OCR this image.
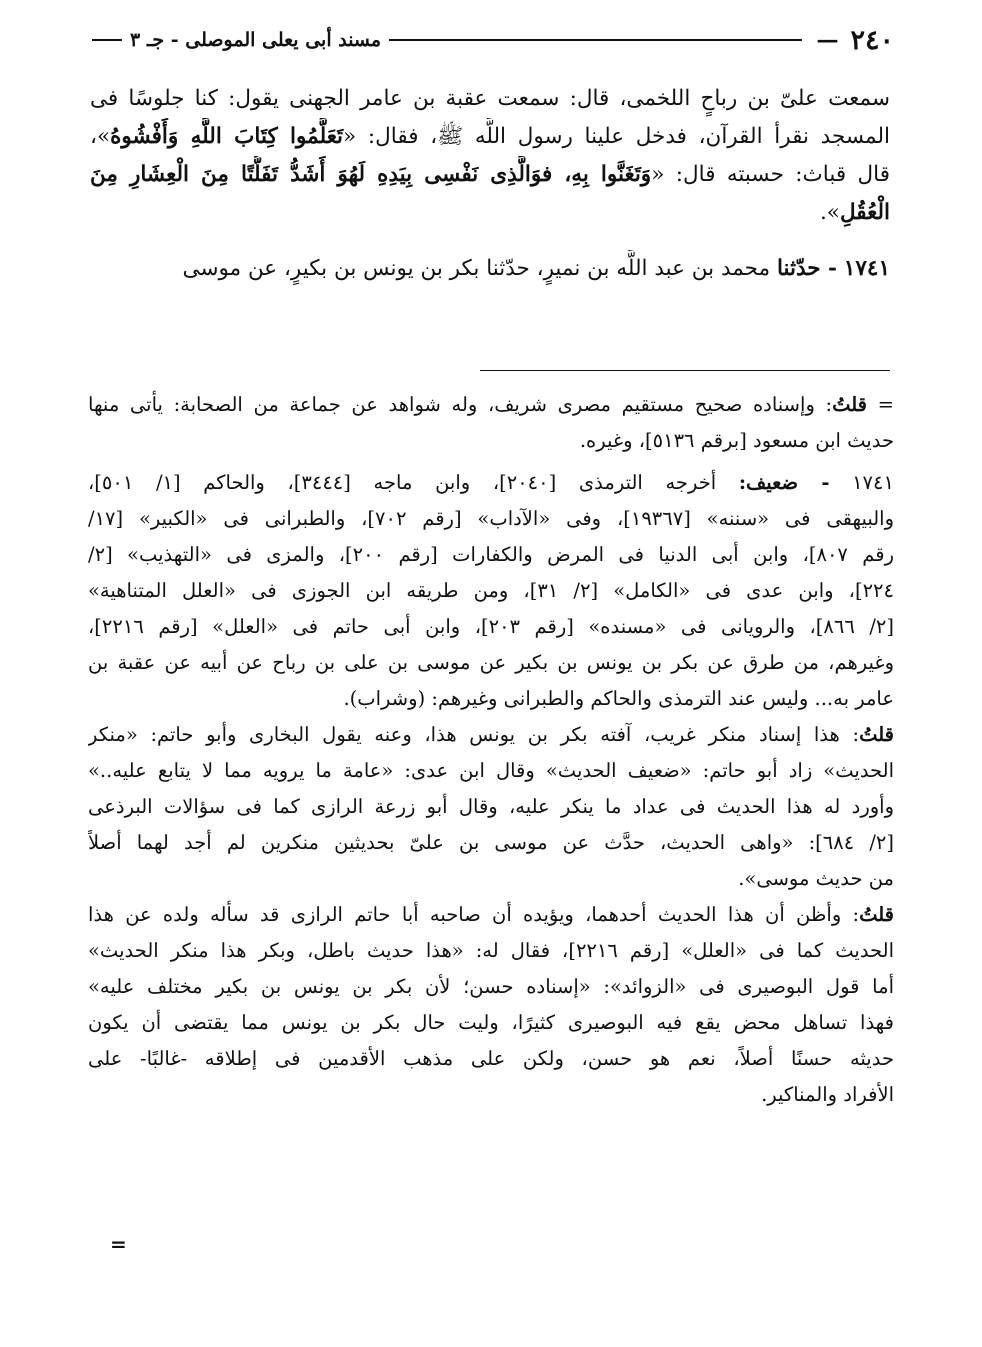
٢٤٠
—
مسند أبى يعلى الموصلى - جـ ٣
سمعت علىّ بن رباحٍ اللخمى، قال: سمعت عقبة بن عامر الجهنى يقول: كنا جلوسًا فى
المسجد نقرأ القرآن، فدخل علينا رسول اللَّه ﷺ، فقال: «تَعَلَّمُوا كِتَابَ اللَّهِ وَأَفْشُوهُ»،
قال قباث: حسبته قال: «وَتَغَنَّوا بِهِ، فوَالَّذِى نَفْسِى بِيَدِهِ لَهُوَ أَشَدُّ تَفَلُّتًا مِنَ الْعِشَارِ مِنَ
الْعُقُلِ».
١٧٤١ - حدّثنا محمد بن عبد اللَّه بن نميرٍ، حدّثنا بكر بن يونس بن بكيرٍ، عن موسى
= قلتُ: وإسناده صحيح مستقيم مصرى شريف، وله شواهد عن جماعة من الصحابة: يأتى منها
حديث ابن مسعود [برقم ٥١٣٦]، وغيره.
١٧٤١ - ضعيف: أخرجه الترمذى [٢٠٤٠]، وابن ماجه [٣٤٤٤]، والحاكم [١/ ٥٠١]،
والبيهقى فى «سننه» [١٩٣٦٧]، وفى «الآداب» [رقم ٧٠٢]، والطبرانى فى «الكبير» [١٧/
رقم ٨٠٧]، وابن أبى الدنيا فى المرض والكفارات [رقم ٢٠٠]، والمزى فى «التهذيب» [٢/
٢٢٤]، وابن عدى فى «الكامل» [٢/ ٣١]، ومن طريقه ابن الجوزى فى «العلل المتناهية»
[٢/ ٨٦٦]، والرويانى فى «مسنده» [رقم ٢٠٣]، وابن أبى حاتم فى «العلل» [رقم ٢٢١٦]،
وغيرهم، من طرق عن بكر بن يونس بن بكير عن موسى بن على بن رباح عن أبيه عن عقبة بن
عامر به... وليس عند الترمذى والحاكم والطبرانى وغيرهم: (وشراب).
قلتُ: هذا إسناد منكر غريب، آفته بكر بن يونس هذا، وعنه يقول البخارى وأبو حاتم: «منكر
الحديث» زاد أبو حاتم: «ضعيف الحديث» وقال ابن عدى: «عامة ما يرويه مما لا يتابع عليه..»
وأورد له هذا الحديث فى عداد ما ينكر عليه، وقال أبو زرعة الرازى كما فى سؤالات البرذعى
[٢/ ٦٨٤]: «واهى الحديث، حدَّث عن موسى بن علىّ بحديثين منكرين لم أجد لهما أصلاً
من حديث موسى».
قلتُ: وأظن أن هذا الحديث أحدهما، ويؤيده أن صاحبه أبا حاتم الرازى قد سأله ولده عن هذا
الحديث كما فى «العلل» [رقم ٢٢١٦]، فقال له: «هذا حديث باطل، وبكر هذا منكر الحديث»
أما قول البوصيرى فى «الزوائد»: «إسناده حسن؛ لأن بكر بن يونس بن بكير مختلف عليه»
فهذا تساهل محض يقع فيه البوصيرى كثيرًا، وليت حال بكر بن يونس مما يقتضى أن يكون
حديثه حسنًا أصلاً، نعم هو حسن، ولكن على مذهب الأقدمين فى إطلاقه -غالبًا- على
الأفراد والمناكير.
=
